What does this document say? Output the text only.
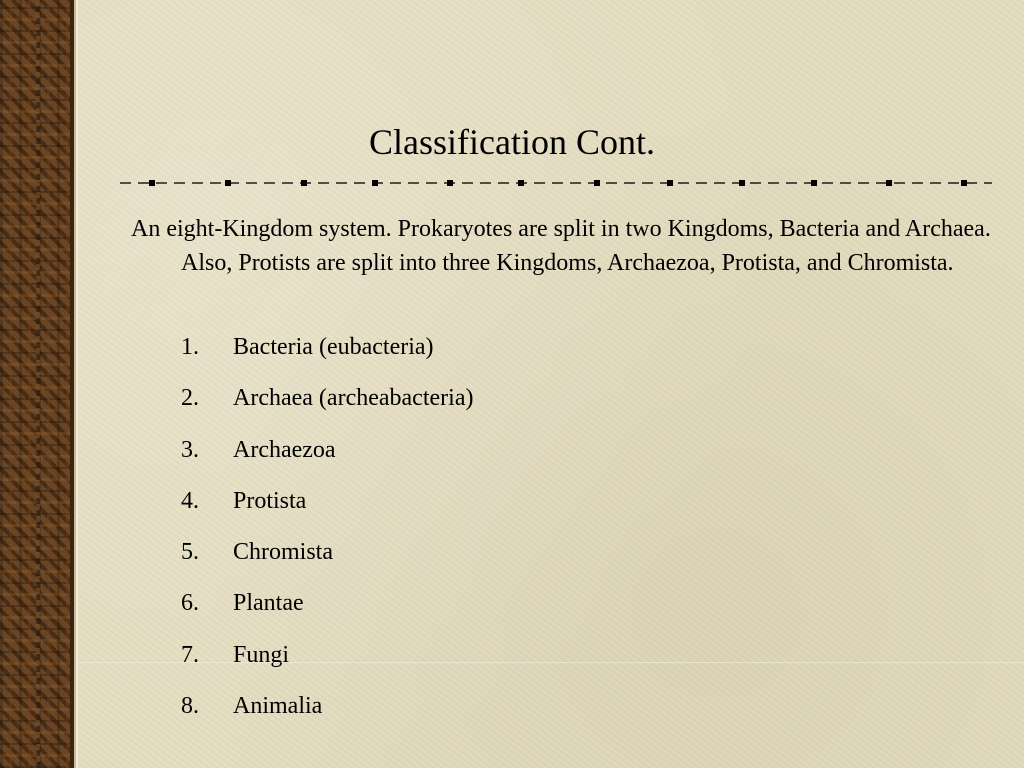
Classification Cont.

An eight-Kingdom system. Prokaryotes are split in two Kingdoms, Bacteria and Archaea. Also, Protists are split into three Kingdoms, Archaezoa, Protista, and Chromista.

1.	Bacteria (eubacteria)
2.	Archaea (archeabacteria)
3.	Archaezoa
4.	Protista
5.	Chromista
6.	Plantae
7.	Fungi
8.	Animalia
